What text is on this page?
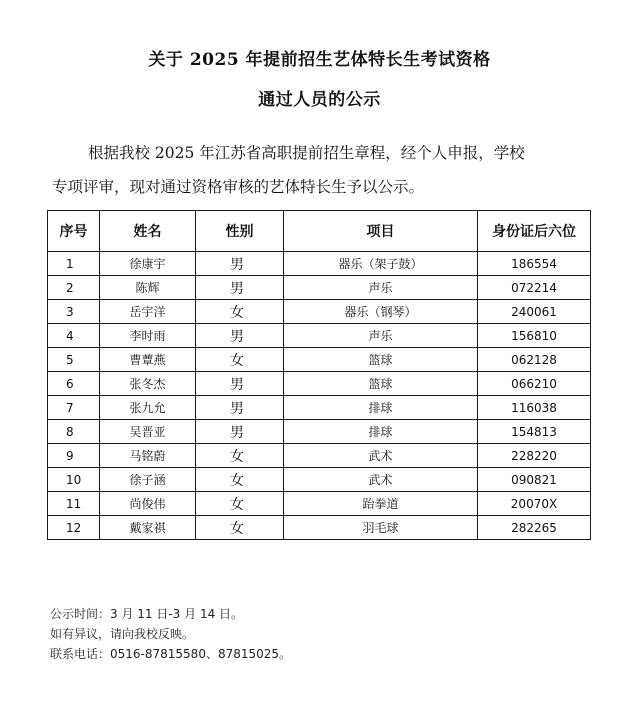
关于 2025 年提前招生艺体特长生考试资格
通过人员的公示
根据我校 2025 年江苏省高职提前招生章程，经个人申报，学校
专项评审，现对通过资格审核的艺体特长生予以公示。
序号	姓名	性别	项目	身份证后六位
1	徐康宇	男	器乐（架子鼓）	186554
2	陈辉	男	声乐	072214
3	岳宇洋	女	器乐（钢琴）	240061
4	李时雨	男	声乐	156810
5	曹蕈燕	女	篮球	062128
6	张冬杰	男	篮球	066210
7	张九允	男	排球	116038
8	吴晋亚	男	排球	154813
9	马铭蔚	女	武术	228220
10	徐子涵	女	武术	090821
11	尚俊伟	女	跆拳道	20070X
12	戴家祺	女	羽毛球	282265
公示时间：3 月 11 日-3 月 14 日。
如有异议，请向我校反映。
联系电话：0516-87815580、87815025。
